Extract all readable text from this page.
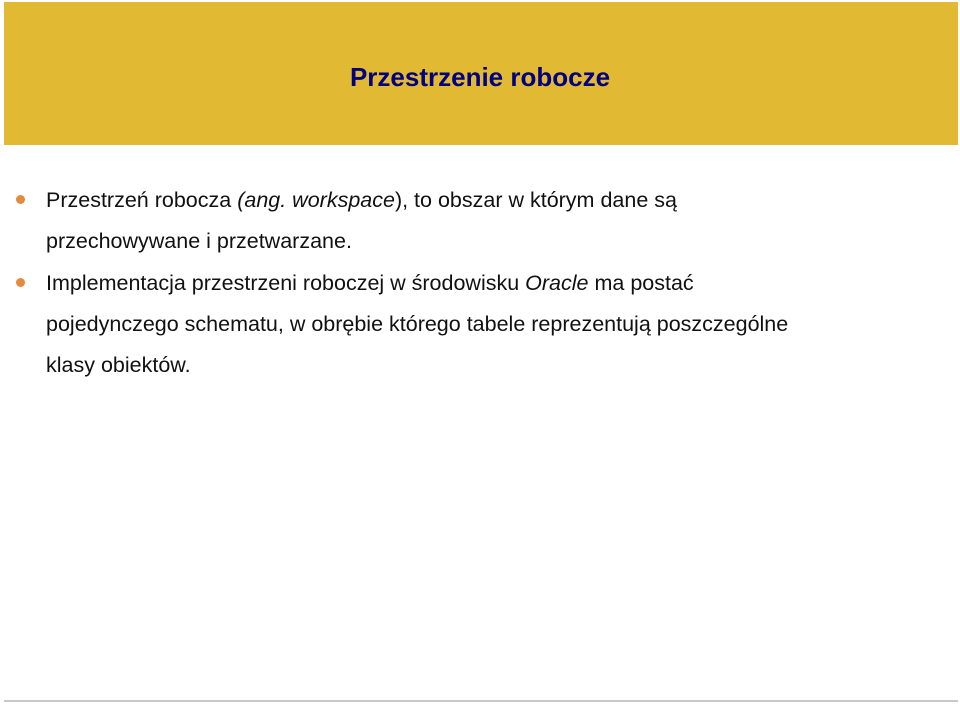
Przestrzenie robocze
Przestrzeń robocza (ang. workspace), to obszar w którym dane są przechowywane i przetwarzane.
Implementacja przestrzeni roboczej w środowisku Oracle ma postać pojedynczego schematu, w obrębie którego tabele reprezentują poszczególne klasy obiektów.
